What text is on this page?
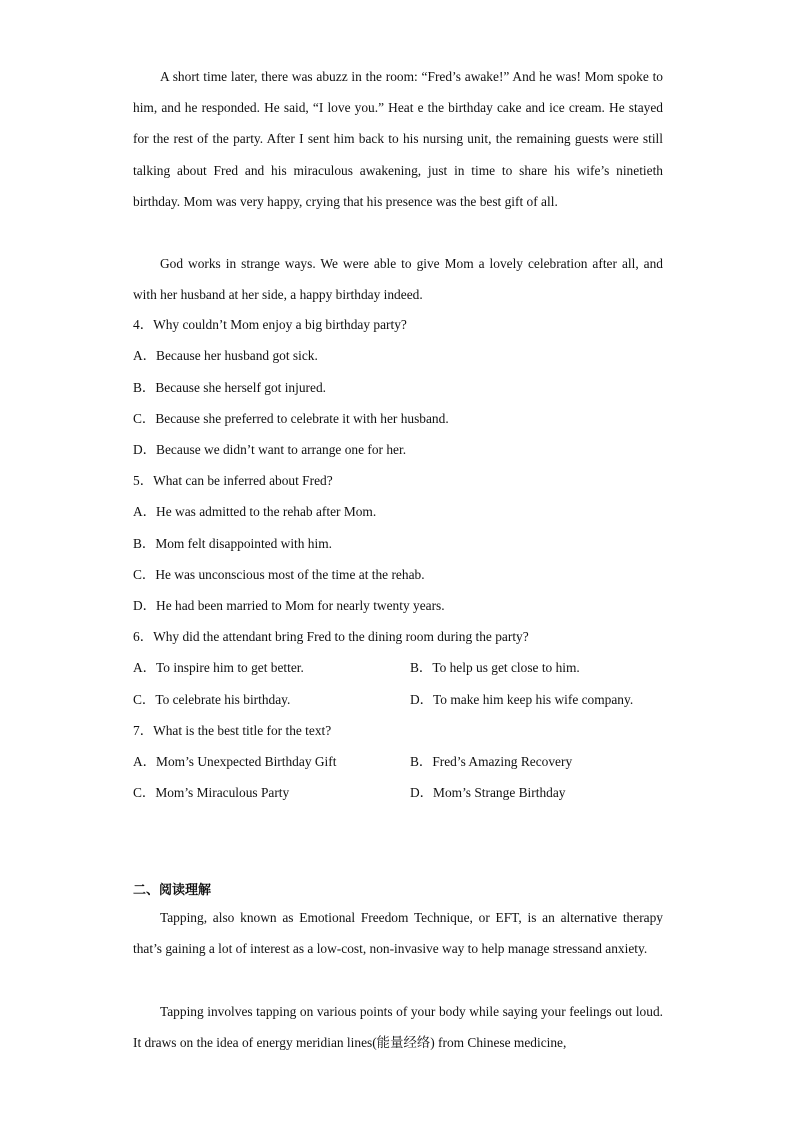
A short time later, there was abuzz in the room: “Fred’s awake!” And he was! Mom spoke to him, and he responded. He said, “I love you.” Heat e the birthday cake and ice cream. He stayed for the rest of the party. After I sent him back to his nursing unit, the remaining guests were still talking about Fred and his miraculous awakening, just in time to share his wife’s ninetieth birthday. Mom was very happy, crying that his presence was the best gift of all.

God works in strange ways. We were able to give Mom a lovely celebration after all, and with her husband at her side, a happy birthday indeed.

4．Why couldn’t Mom enjoy a big birthday party?
A．Because her husband got sick.
B．Because she herself got injured.
C．Because she preferred to celebrate it with her husband.
D．Because we didn’t want to arrange one for her.
5．What can be inferred about Fred?
A．He was admitted to the rehab after Mom.
B．Mom felt disappointed with him.
C．He was unconscious most of the time at the rehab.
D．He had been married to Mom for nearly twenty years.
6．Why did the attendant bring Fred to the dining room during the party?
A．To inspire him to get better.	B．To help us get close to him.
C．To celebrate his birthday.	D．To make him keep his wife company.
7．What is the best title for the text?
A．Mom’s Unexpected Birthday Gift	B．Fred’s Amazing Recovery
C．Mom’s Miraculous Party	D．Mom’s Strange Birthday
二、阅读理解

Tapping, also known as Emotional Freedom Technique, or EFT, is an alternative therapy that’s gaining a lot of interest as a low-cost, non-invasive way to help manage stressand anxiety.

Tapping involves tapping on various points of your body while saying your feelings out loud. It draws on the idea of energy meridian lines(能量经络) from Chinese medicine,
